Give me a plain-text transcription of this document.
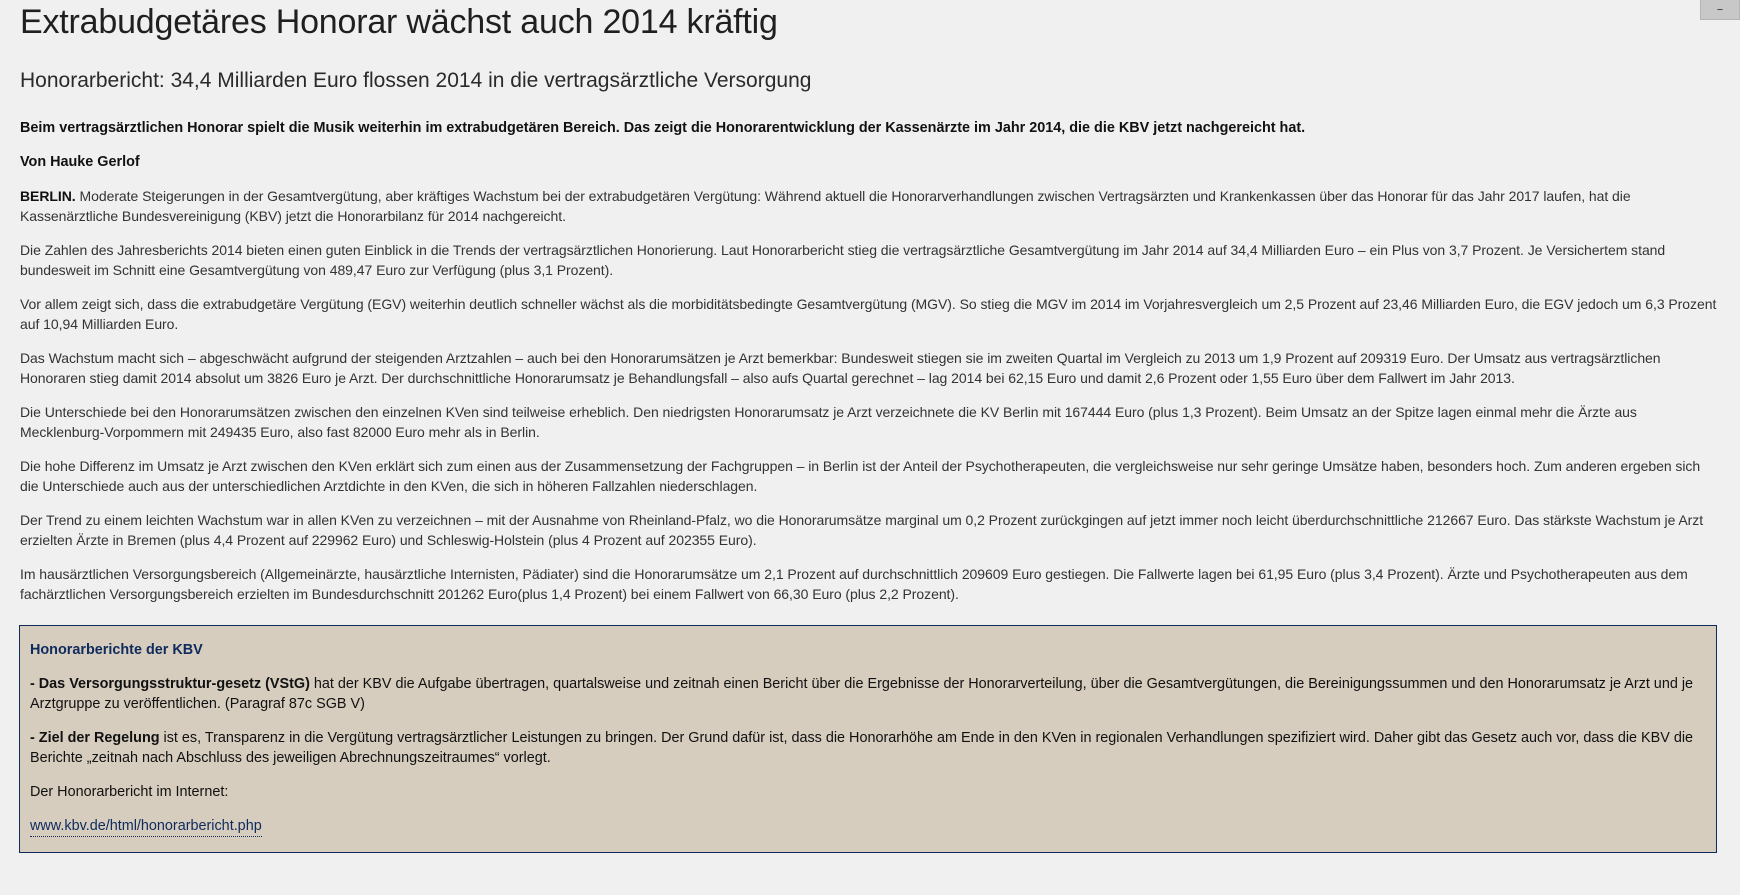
Extrabudgetäres Honorar wächst auch 2014 kräftig
Honorarbericht: 34,4 Milliarden Euro flossen 2014 in die vertragsärztliche Versorgung

Beim vertragsärztlichen Honorar spielt die Musik weiterhin im extrabudgetären Bereich. Das zeigt die Honorarentwicklung der Kassenärzte im Jahr 2014, die die KBV jetzt nachgereicht hat.

Von Hauke Gerlof

BERLIN. Moderate Steigerungen in der Gesamtvergütung, aber kräftiges Wachstum bei der extrabudgetären Vergütung: Während aktuell die Honorarverhandlungen zwischen Vertragsärzten und Krankenkassen über das Honorar für das Jahr 2017 laufen, hat die Kassenärztliche Bundesvereinigung (KBV) jetzt die Honorarbilanz für 2014 nachgereicht.

Die Zahlen des Jahresberichts 2014 bieten einen guten Einblick in die Trends der vertragsärztlichen Honorierung. Laut Honorarbericht stieg die vertragsärztliche Gesamtvergütung im Jahr 2014 auf 34,4 Milliarden Euro – ein Plus von 3,7 Prozent. Je Versichertem stand bundesweit im Schnitt eine Gesamtvergütung von 489,47 Euro zur Verfügung (plus 3,1 Prozent).

Vor allem zeigt sich, dass die extrabudgetäre Vergütung (EGV) weiterhin deutlich schneller wächst als die morbiditätsbedingte Gesamtvergütung (MGV). So stieg die MGV im 2014 im Vorjahresvergleich um 2,5 Prozent auf 23,46 Milliarden Euro, die EGV jedoch um 6,3 Prozent auf 10,94 Milliarden Euro.

Das Wachstum macht sich – abgeschwächt aufgrund der steigenden Arztzahlen – auch bei den Honorarumsätzen je Arzt bemerkbar: Bundesweit stiegen sie im zweiten Quartal im Vergleich zu 2013 um 1,9 Prozent auf 209319 Euro. Der Umsatz aus vertragsärztlichen Honoraren stieg damit 2014 absolut um 3826 Euro je Arzt. Der durchschnittliche Honorarumsatz je Behandlungsfall – also aufs Quartal gerechnet – lag 2014 bei 62,15 Euro und damit 2,6 Prozent oder 1,55 Euro über dem Fallwert im Jahr 2013.

Die Unterschiede bei den Honorarumsätzen zwischen den einzelnen KVen sind teilweise erheblich. Den niedrigsten Honorarumsatz je Arzt verzeichnete die KV Berlin mit 167444 Euro (plus 1,3 Prozent). Beim Umsatz an der Spitze lagen einmal mehr die Ärzte aus Mecklenburg-Vorpommern mit 249435 Euro, also fast 82000 Euro mehr als in Berlin.

Die hohe Differenz im Umsatz je Arzt zwischen den KVen erklärt sich zum einen aus der Zusammensetzung der Fachgruppen – in Berlin ist der Anteil der Psychotherapeuten, die vergleichsweise nur sehr geringe Umsätze haben, besonders hoch. Zum anderen ergeben sich die Unterschiede auch aus der unterschiedlichen Arztdichte in den KVen, die sich in höheren Fallzahlen niederschlagen.

Der Trend zu einem leichten Wachstum war in allen KVen zu verzeichnen – mit der Ausnahme von Rheinland-Pfalz, wo die Honorarumsätze marginal um 0,2 Prozent zurückgingen auf jetzt immer noch leicht überdurchschnittliche 212667 Euro. Das stärkste Wachstum je Arzt erzielten Ärzte in Bremen (plus 4,4 Prozent auf 229962 Euro) und Schleswig-Holstein (plus 4 Prozent auf 202355 Euro).

Im hausärztlichen Versorgungsbereich (Allgemeinärzte, hausärztliche Internisten, Pädiater) sind die Honorarumsätze um 2,1 Prozent auf durchschnittlich 209609 Euro gestiegen. Die Fallwerte lagen bei 61,95 Euro (plus 3,4 Prozent). Ärzte und Psychotherapeuten aus dem fachärztlichen Versorgungsbereich erzielten im Bundesdurchschnitt 201262 Euro(plus 1,4 Prozent) bei einem Fallwert von 66,30 Euro (plus 2,2 Prozent).

Honorarberichte der KBV

- Das Versorgungsstruktur-gesetz (VStG) hat der KBV die Aufgabe übertragen, quartalsweise und zeitnah einen Bericht über die Ergebnisse der Honorarverteilung, über die Gesamtvergütungen, die Bereinigungssummen und den Honorarumsatz je Arzt und je Arztgruppe zu veröffentlichen. (Paragraf 87c SGB V)

- Ziel der Regelung ist es, Transparenz in die Vergütung vertragsärztlicher Leistungen zu bringen. Der Grund dafür ist, dass die Honorarhöhe am Ende in den KVen in regionalen Verhandlungen spezifiziert wird. Daher gibt das Gesetz auch vor, dass die KBV die Berichte „zeitnah nach Abschluss des jeweiligen Abrechnungszeitraumes“ vorlegt.

Der Honorarbericht im Internet:

www.kbv.de/html/honorarbericht.php
–
